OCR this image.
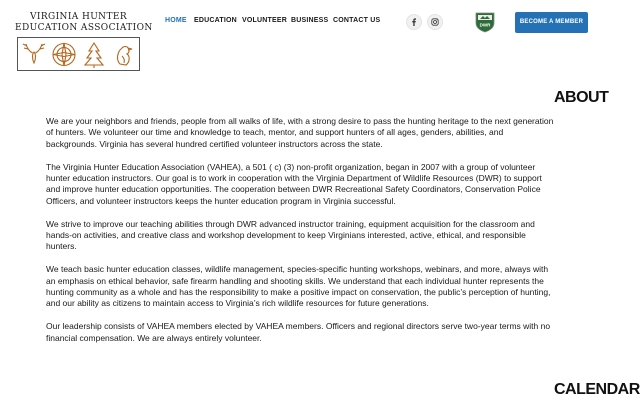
VIRGINIA HUNTER
EDUCATION ASSOCIATION
HOME EDUCATION VOLUNTEER BUSINESS CONTACT US
DWR	BECOME A MEMBER
ABOUT

We are your neighbors and friends, people from all walks of life, with a strong desire to pass the hunting heritage to the next generation of hunters. We volunteer our time and knowledge to teach, mentor, and support hunters of all ages, genders, abilities, and backgrounds. Virginia has several hundred certified volunteer instructors across the state.

The Virginia Hunter Education Association (VAHEA), a 501 ( c) (3) non-profit organization, began in 2007 with a group of volunteer hunter education instructors. Our goal is to work in cooperation with the Virginia Department of Wildlife Resources (DWR) to support and improve hunter education opportunities. The cooperation between DWR Recreational Safety Coordinators, Conservation Police Officers, and volunteer instructors keeps the hunter education program in Virginia successful.

We strive to improve our teaching abilities through DWR advanced instructor training, equipment acquisition for the classroom and hands-on activities, and creative class and workshop development to keep Virginians interested, active, ethical, and responsible hunters.

We teach basic hunter education classes, wildlife management, species-specific hunting workshops, webinars, and more, always with an emphasis on ethical behavior, safe firearm handling and shooting skills. We understand that each individual hunter represents the hunting community as a whole and has the responsibility to make a positive impact on conservation, the public’s perception of hunting, and our ability as citizens to maintain access to Virginia’s rich wildlife resources for future generations.

Our leadership consists of VAHEA members elected by VAHEA members. Officers and regional directors serve two-year terms with no financial compensation. We are always entirely volunteer.

CALENDAR
